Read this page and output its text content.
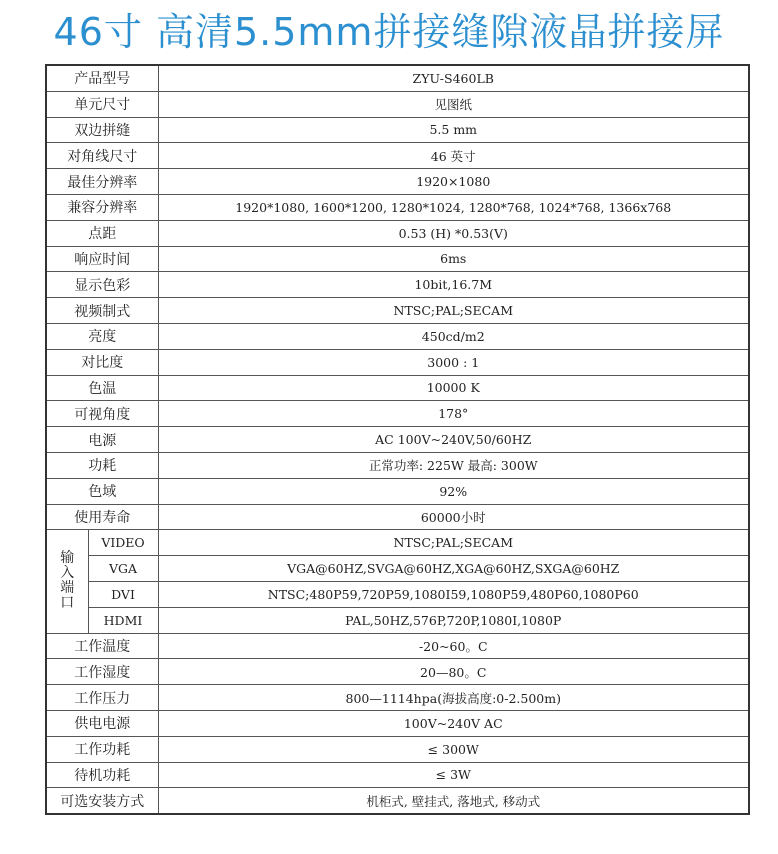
46寸 高清5.5mm拼接缝隙液晶拼接屏
产品型号		ZYU-S460LB
单元尺寸		见图纸
双边拼缝		5.5 mm
对角线尺寸		46 英寸
最佳分辨率		1920×1080
兼容分辨率		1920*1080, 1600*1200, 1280*1024, 1280*768, 1024*768, 1366x768
点距		0.53 (H) *0.53(V)
响应时间		6ms
显示色彩		10bit,16.7M
视频制式		NTSC;PAL;SECAM
亮度		450cd/m2
对比度		3000 : 1
色温		10000 K
可视角度		178°
电源		AC 100V~240V,50/60HZ
功耗		正常功率: 225W 最高: 300W
色域		92%
使用寿命		60000小时

输
入
端
口	VIDEO	NTSC;PAL;SECAM
	VGA	VGA@60HZ,SVGA@60HZ,XGA@60HZ,SXGA@60HZ
	DVI	NTSC;480P59,720P59,1080I59,1080P59,480P60,1080P60
	HDMI	PAL,50HZ,576P,720P,1080I,1080P
工作温度		-20~60。C
工作湿度		20—80。C
工作压力		800—1114hpa(海拔高度:0-2.500m)
供电电源		100V~240V AC
工作功耗		≤ 300W
待机功耗		≤ 3W
可选安装方式		机柜式, 壁挂式, 落地式, 移动式
